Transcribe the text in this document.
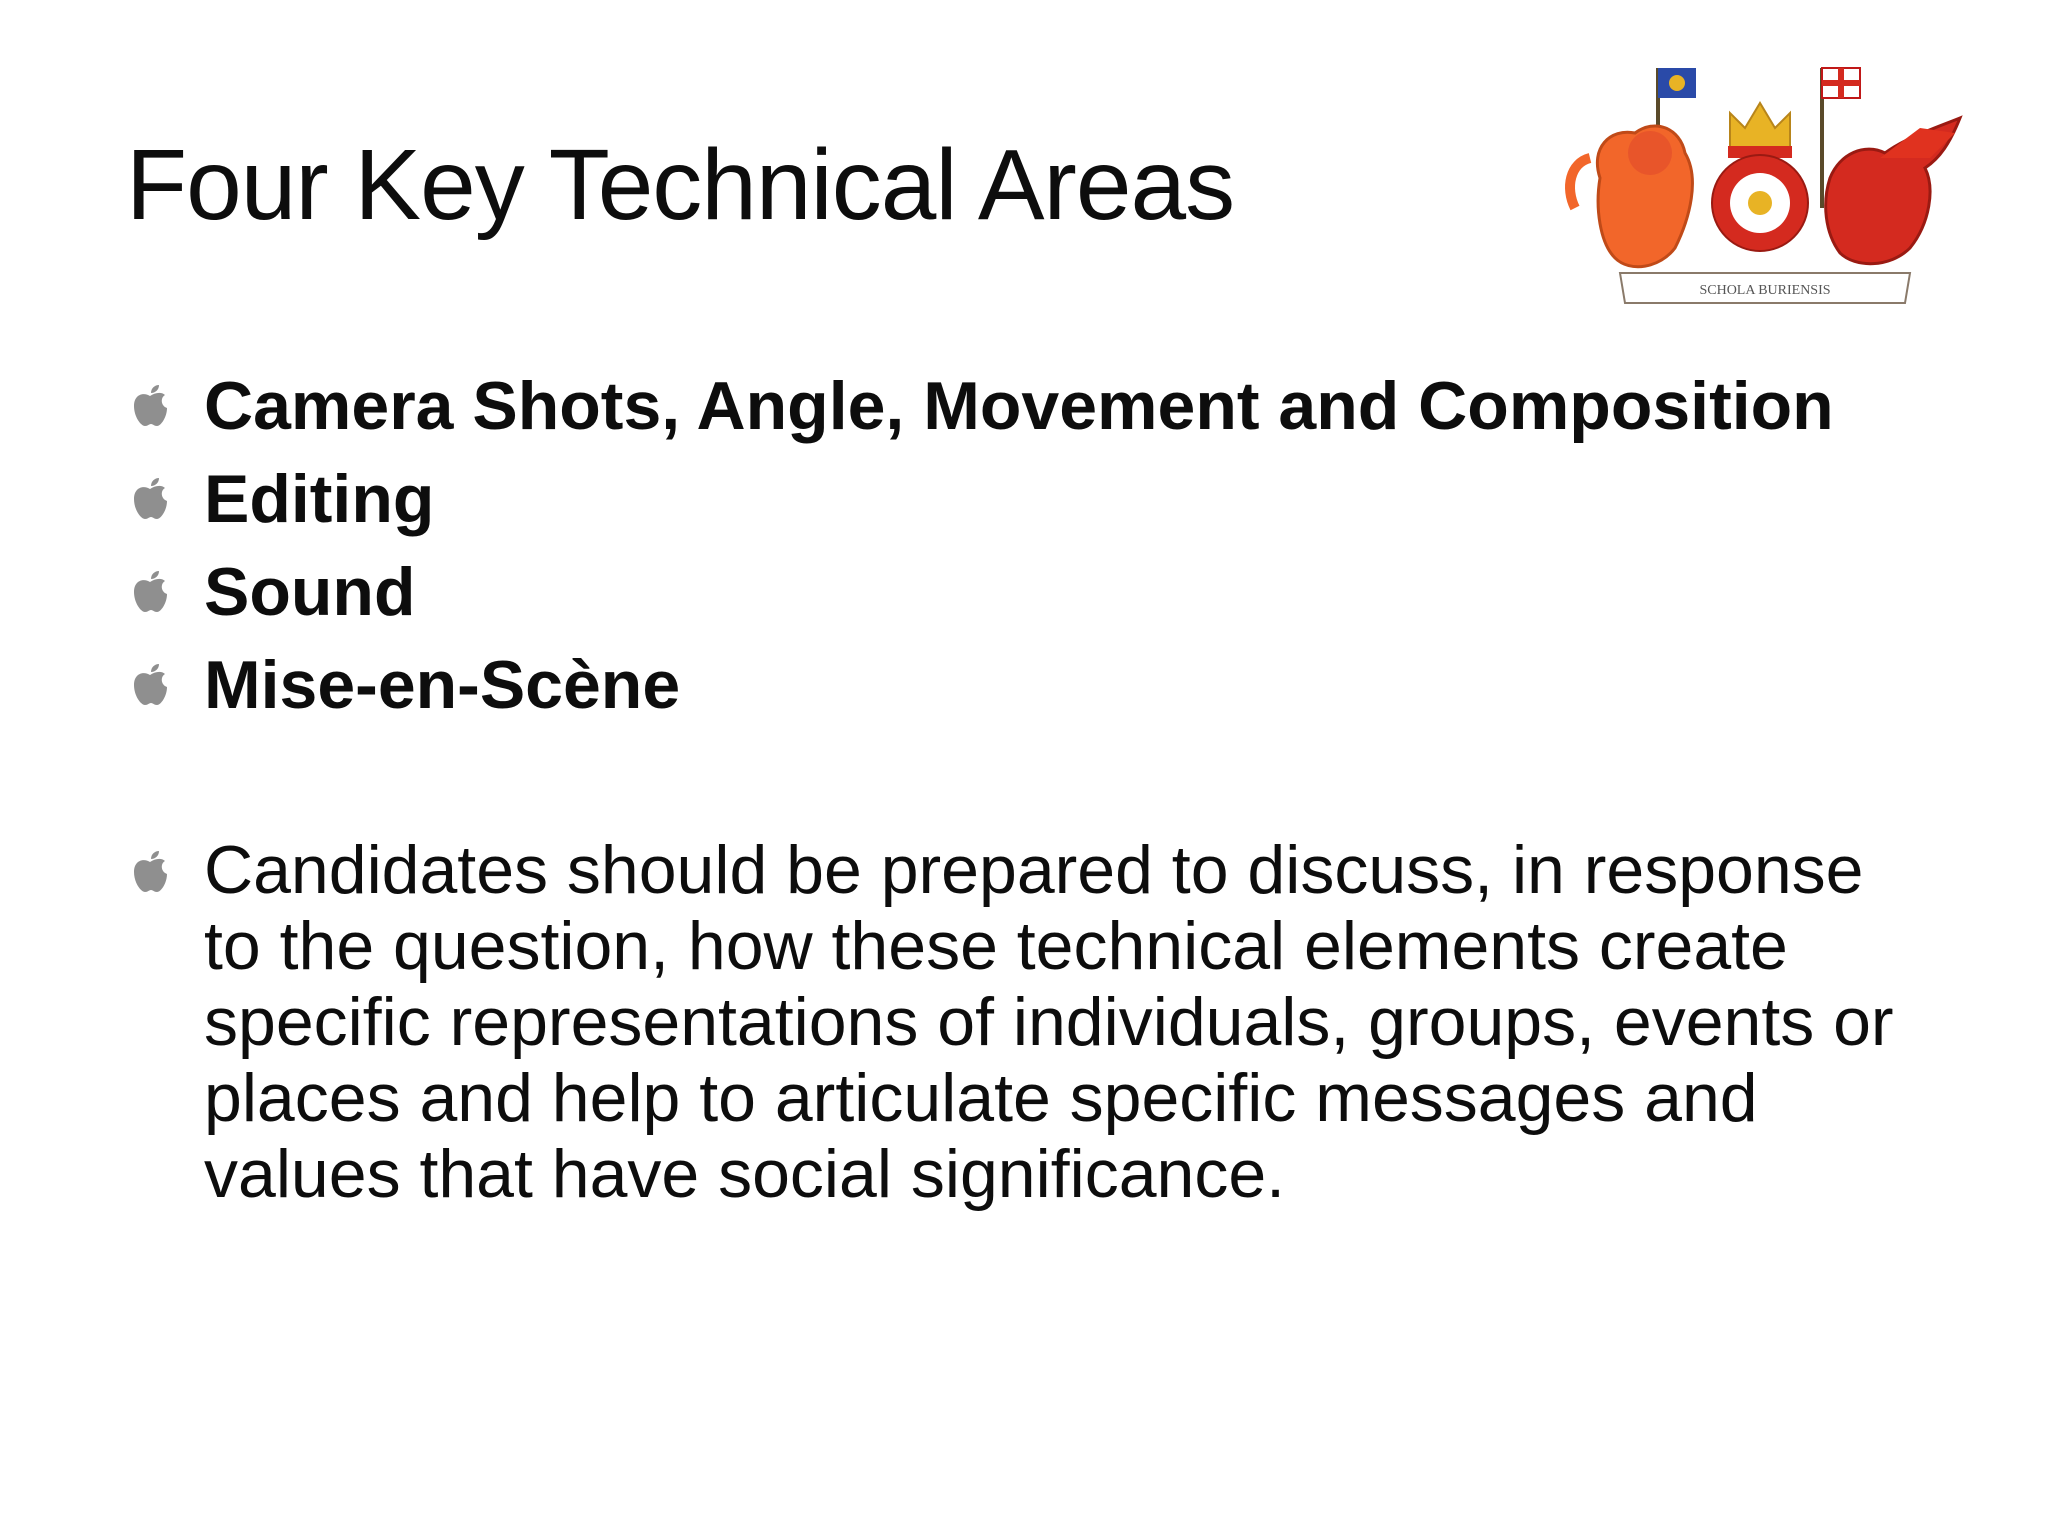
Four Key Technical Areas
SCHOLA BURIENSIS
Camera Shots, Angle, Movement and Composition
Editing
Sound
Mise-en-Scène
Candidates should be prepared to discuss, in response to the question, how these technical elements create specific representations of individuals, groups, events or places and help to articulate specific messages and values that have social significance.
